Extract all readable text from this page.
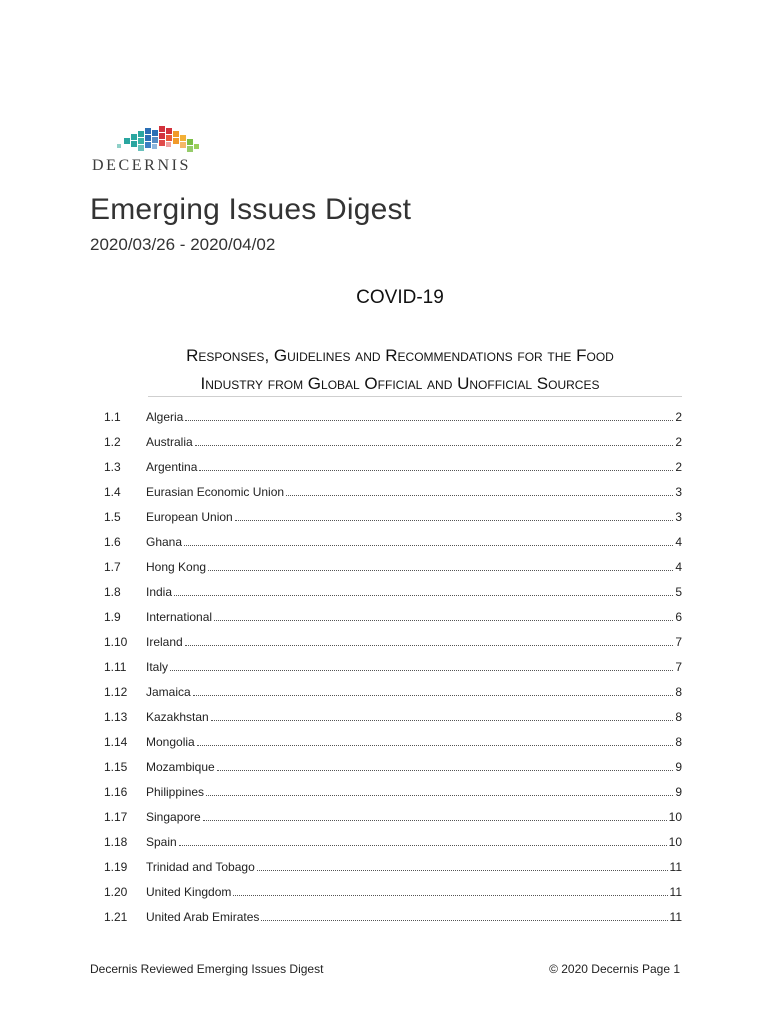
DECERNIS
Emerging Issues Digest
2020/03/26 - 2020/04/02
COVID-19
Responses, Guidelines and Recommendations for the Food
Industry from Global Official and Unofficial Sources
1.1	Algeria	2
1.2	Australia	2
1.3	Argentina	2
1.4	Eurasian Economic Union	3
1.5	European Union	3
1.6	Ghana	4
1.7	Hong Kong	4
1.8	India	5
1.9	International	6
1.10	Ireland	7
1.11	Italy	7
1.12	Jamaica	8
1.13	Kazakhstan	8
1.14	Mongolia	8
1.15	Mozambique	9
1.16	Philippines	9
1.17	Singapore	10
1.18	Spain	10
1.19	Trinidad and Tobago	11
1.20	United Kingdom	11
1.21	United Arab Emirates	11
Decernis Reviewed Emerging Issues Digest	© 2020 Decernis Page 1
